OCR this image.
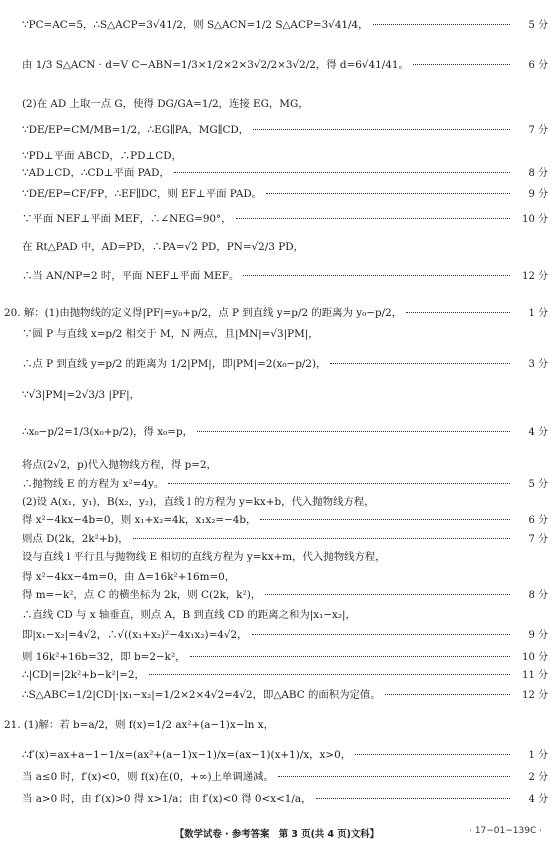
∵PC=AC=5，∴S△ACP=3√41/2，则 S△ACN=1/2 S△ACP=3√41/4，	5 分
由 1/3 S△ACN · d=V C−ABN=1/3×1/2×2×3√2/2×3√2/2，得 d=6√41/41。	6 分
(2)在 AD 上取一点 G，使得 DG/GA=1/2，连接 EG，MG，
∵DE/EP=CM/MB=1/2，∴EG∥PA，MG∥CD，	7 分
∵PD⊥平面 ABCD，∴PD⊥CD，
∵AD⊥CD，∴CD⊥平面 PAD，	8 分
∵DE/EP=CF/FP，∴EF∥DC，则 EF⊥平面 PAD。	9 分
∵平面 NEF⊥平面 MEF，∴∠NEG=90°，	10 分
在 Rt△PAD 中，AD=PD，∴PA=√2 PD，PN=√2/3 PD，
∴当 AN/NP=2 时，平面 NEF⊥平面 MEF。	12 分
20. 解：(1)由抛物线的定义得|PF|=y₀+p/2，点 P 到直线 y=p/2 的距离为 y₀−p/2，	1 分
∵圆 P 与直线 x=p/2 相交于 M，N 两点，且|MN|=√3|PM|，
∴点 P 到直线 y=p/2 的距离为 1/2|PM|，即|PM|=2(x₀−p/2)，	3 分
∵√3|PM|=2√3/3 |PF|，
∴x₀−p/2=1/3(x₀+p/2)，得 x₀=p，	4 分
将点(2√2，p)代入抛物线方程，得 p=2，
∴抛物线 E 的方程为 x²=4y。	5 分
(2)设 A(x₁，y₁)，B(x₂，y₂)，直线 l 的方程为 y=kx+b，代入抛物线方程，
得 x²−4kx−4b=0，则 x₁+x₂=4k，x₁x₂=−4b，	6 分
则点 D(2k，2k²+b)，	7 分
设与直线 l 平行且与抛物线 E 相切的直线方程为 y=kx+m，代入抛物线方程，
得 x²−4kx−4m=0，由 Δ=16k²+16m=0，
得 m=−k²，点 C 的横坐标为 2k，则 C(2k，k²)，	8 分
∴直线 CD 与 x 轴垂直，则点 A，B 到直线 CD 的距离之和为|x₁−x₂|，
即|x₁−x₂|=4√2，∴√((x₁+x₂)²−4x₁x₂)=4√2，	9 分
则 16k²+16b=32，即 b=2−k²，	10 分
∴|CD|=|2k²+b−k²|=2，	11 分
∴S△ABC=1/2|CD|·|x₁−x₂|=1/2×2×4√2=4√2，即△ABC 的面积为定值。	12 分
21. (1)解：若 b=a/2，则 f(x)=1/2 ax²+(a−1)x−ln x，
∴f′(x)=ax+a−1−1/x=(ax²+(a−1)x−1)/x=(ax−1)(x+1)/x，x>0，	1 分
当 a≤0 时，f′(x)<0，则 f(x)在(0，+∞)上单调递减。	2 分
当 a>0 时，由 f′(x)>0 得 x>1/a；由 f′(x)<0 得 0<x<1/a，	4 分
【数学试卷 · 参考答案　第 3 页(共 4 页)文科】	· 17−01−139C ·
